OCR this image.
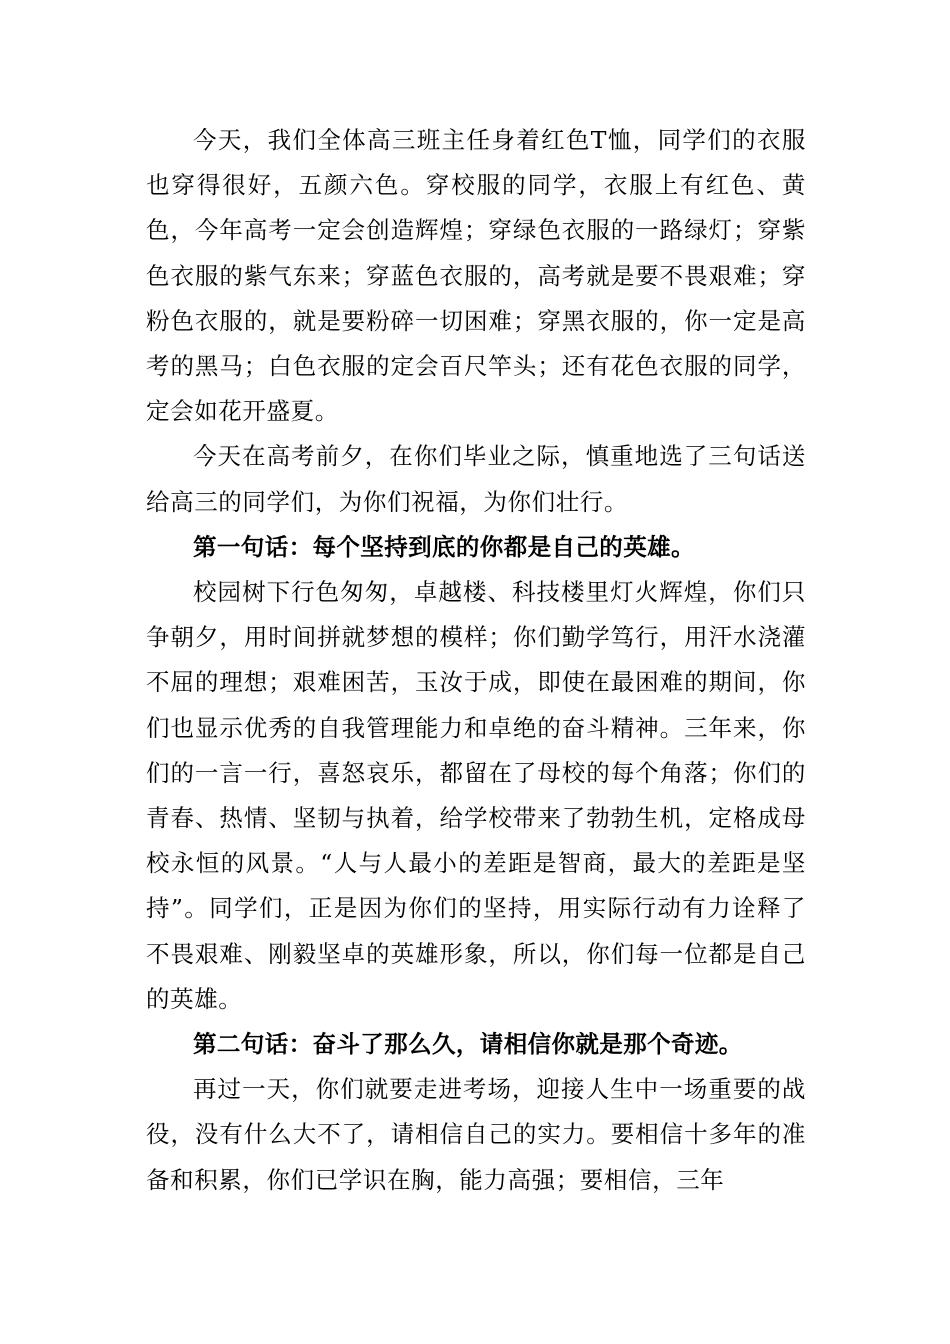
今天，我们全体高三班主任身着红色T恤，同学们的衣服也穿得很好，五颜六色。穿校服的同学，衣服上有红色、黄色，今年高考一定会创造辉煌；穿绿色衣服的一路绿灯；穿紫色衣服的紫气东来；穿蓝色衣服的，高考就是要不畏艰难；穿粉色衣服的，就是要粉碎一切困难；穿黑衣服的，你一定是高考的黑马；白色衣服的定会百尺竿头；还有花色衣服的同学，定会如花开盛夏。

今天在高考前夕，在你们毕业之际，慎重地选了三句话送给高三的同学们，为你们祝福，为你们壮行。

第一句话：每个坚持到底的你都是自己的英雄。

校园树下行色匆匆，卓越楼、科技楼里灯火辉煌，你们只争朝夕，用时间拼就梦想的模样；你们勤学笃行，用汗水浇灌不屈的理想；艰难困苦，玉汝于成，即使在最困难的期间，你们也显示优秀的自我管理能力和卓绝的奋斗精神。三年来，你们的一言一行，喜怒哀乐，都留在了母校的每个角落；你们的青春、热情、坚韧与执着，给学校带来了勃勃生机，定格成母校永恒的风景。“人与人最小的差距是智商，最大的差距是坚持”。同学们，正是因为你们的坚持，用实际行动有力诠释了不畏艰难、刚毅坚卓的英雄形象，所以，你们每一位都是自己的英雄。

第二句话：奋斗了那么久，请相信你就是那个奇迹。

再过一天，你们就要走进考场，迎接人生中一场重要的战役，没有什么大不了，请相信自己的实力。要相信十多年的准备和积累，你们已学识在胸，能力高强；要相信，三年
